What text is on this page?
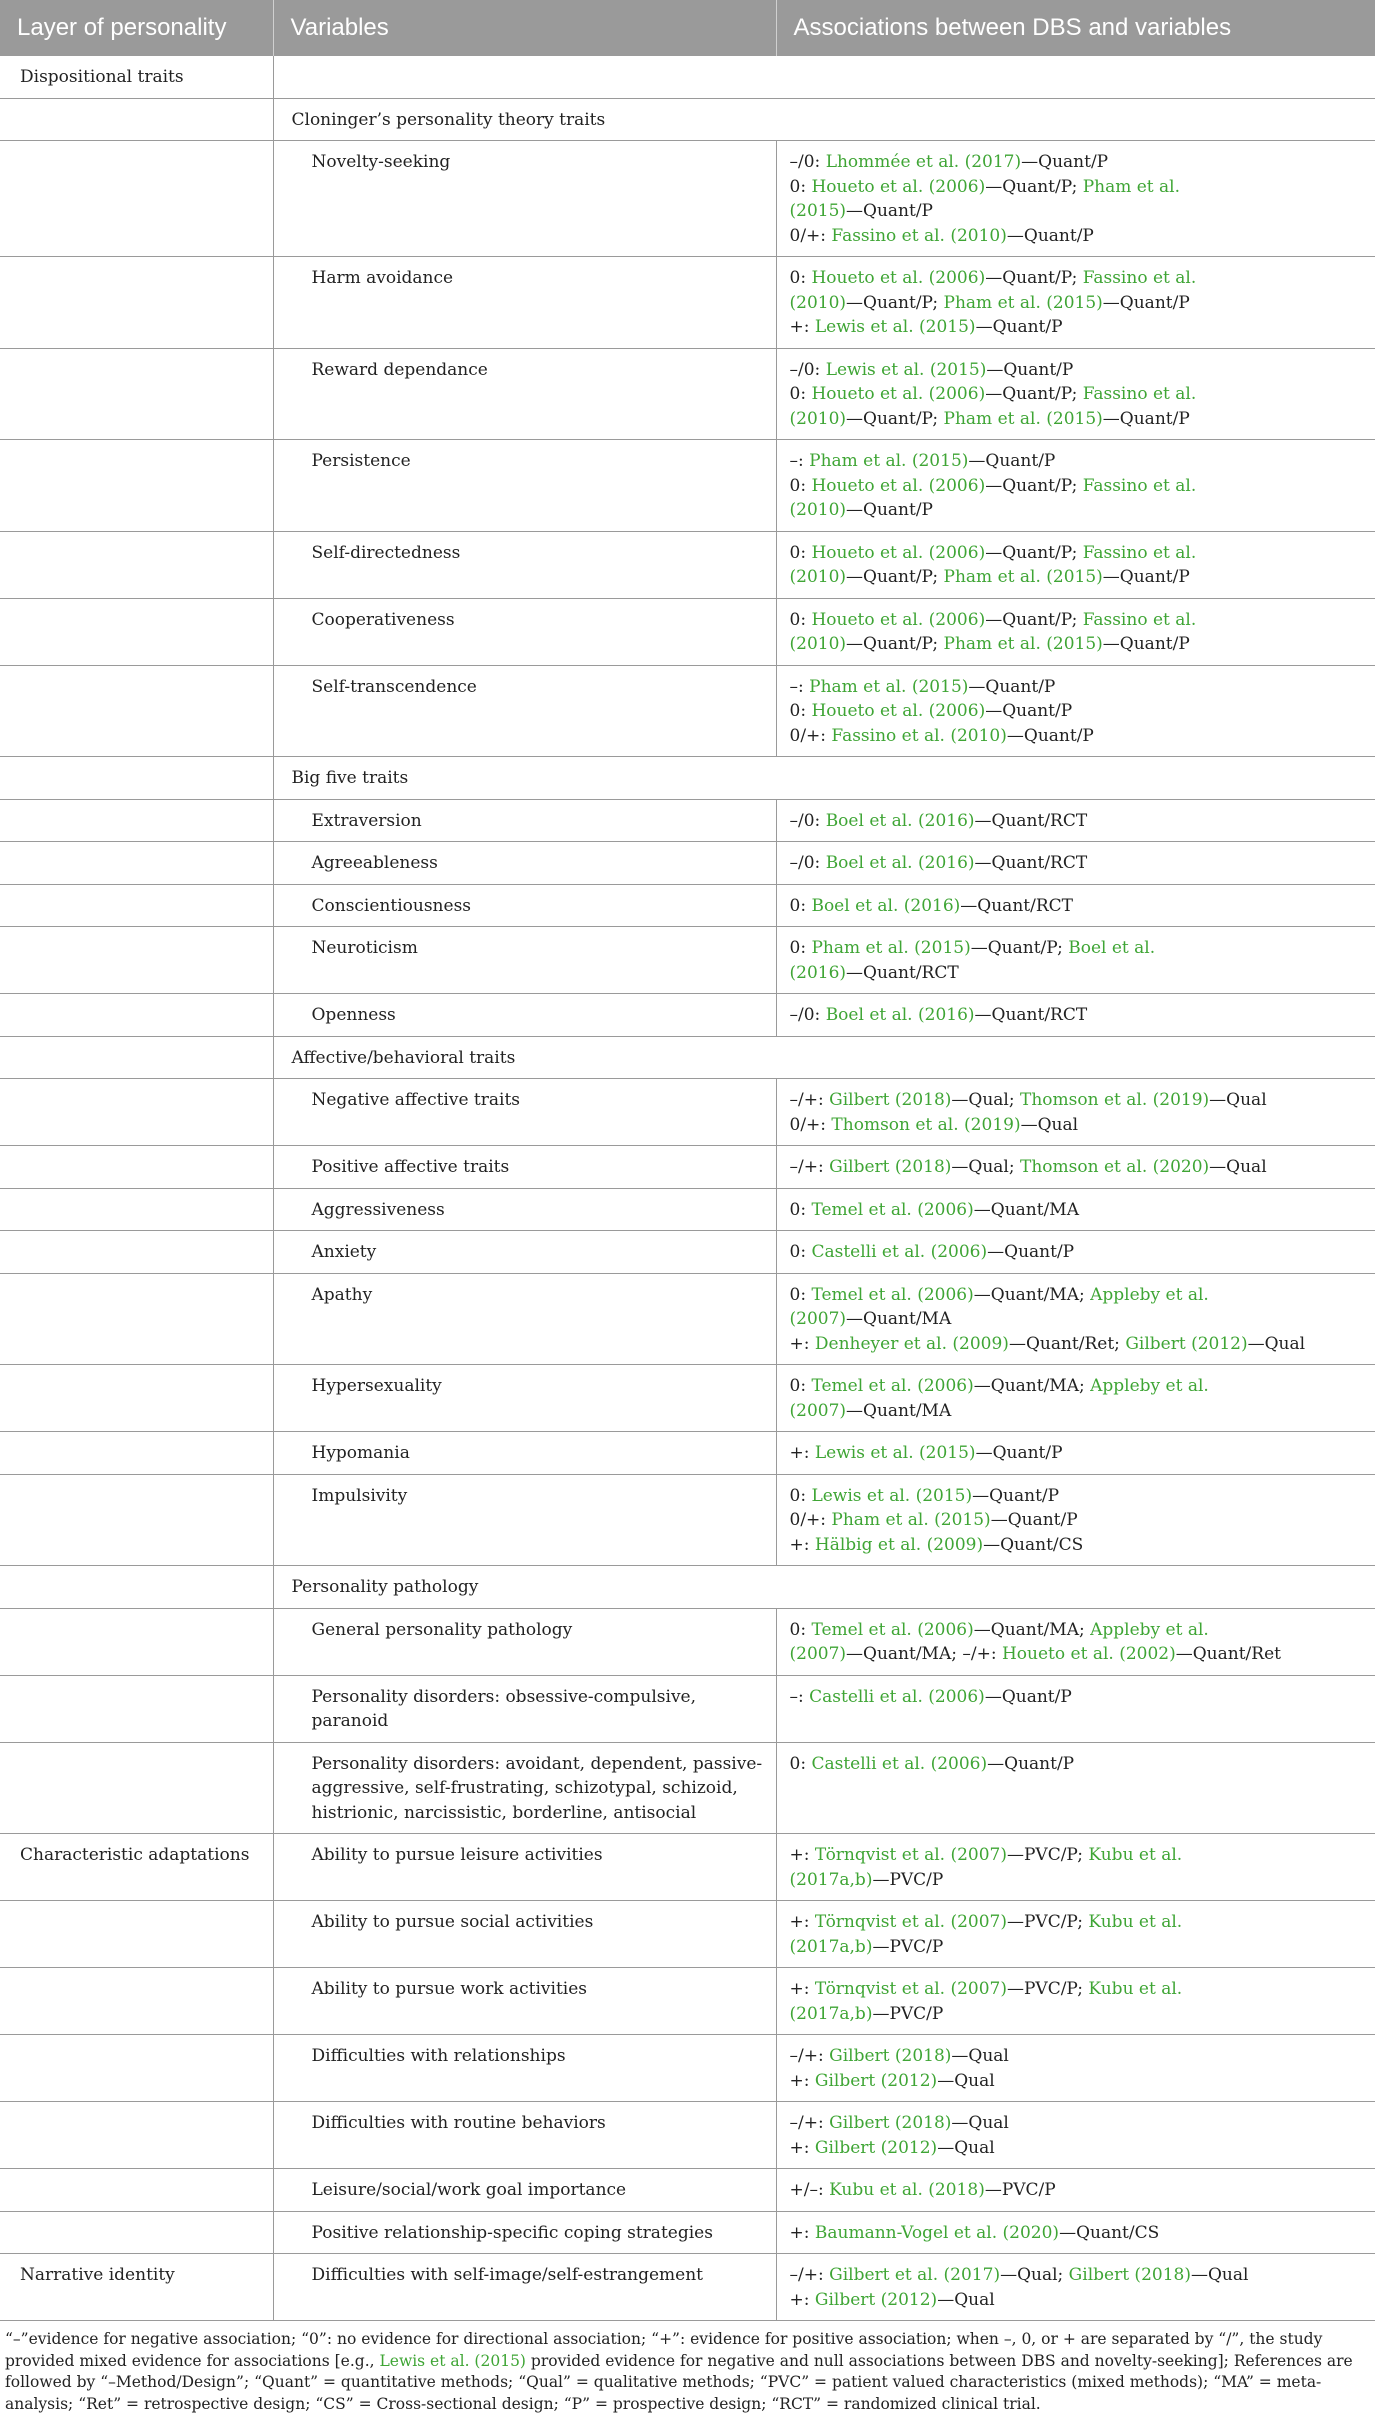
Layer of personality	Variables	Associations between DBS and variables
Dispositional traits		
	Cloninger’s personality theory traits	
	Novelty-seeking	–/0: Lhommée et al. (2017)—Quant/P
0: Houeto et al. (2006)—Quant/P; Pham et al.
(2015)—Quant/P
0/+: Fassino et al. (2010)—Quant/P

	Harm avoidance	0: Houeto et al. (2006)—Quant/P; Fassino et al.
(2010)—Quant/P; Pham et al. (2015)—Quant/P
+: Lewis et al. (2015)—Quant/P

	Reward dependance	–/0: Lewis et al. (2015)—Quant/P
0: Houeto et al. (2006)—Quant/P; Fassino et al.
(2010)—Quant/P; Pham et al. (2015)—Quant/P

	Persistence	–: Pham et al. (2015)—Quant/P
0: Houeto et al. (2006)—Quant/P; Fassino et al.
(2010)—Quant/P

	Self-directedness	0: Houeto et al. (2006)—Quant/P; Fassino et al.
(2010)—Quant/P; Pham et al. (2015)—Quant/P

	Cooperativeness	0: Houeto et al. (2006)—Quant/P; Fassino et al.
(2010)—Quant/P; Pham et al. (2015)—Quant/P

	Self-transcendence	–: Pham et al. (2015)—Quant/P
0: Houeto et al. (2006)—Quant/P
0/+: Fassino et al. (2010)—Quant/P

	Big five traits	
	Extraversion	–/0: Boel et al. (2016)—Quant/RCT

	Agreeableness	–/0: Boel et al. (2016)—Quant/RCT

	Conscientiousness	0: Boel et al. (2016)—Quant/RCT

	Neuroticism	0: Pham et al. (2015)—Quant/P; Boel et al.
(2016)—Quant/RCT

	Openness	–/0: Boel et al. (2016)—Quant/RCT

	Affective/behavioral traits	
	Negative affective traits	–/+: Gilbert (2018)—Qual; Thomson et al. (2019)—Qual
0/+: Thomson et al. (2019)—Qual

	Positive affective traits	–/+: Gilbert (2018)—Qual; Thomson et al. (2020)—Qual

	Aggressiveness	0: Temel et al. (2006)—Quant/MA

	Anxiety	0: Castelli et al. (2006)—Quant/P

	Apathy	0: Temel et al. (2006)—Quant/MA; Appleby et al.
(2007)—Quant/MA
+: Denheyer et al. (2009)—Quant/Ret; Gilbert (2012)—Qual

	Hypersexuality	0: Temel et al. (2006)—Quant/MA; Appleby et al.
(2007)—Quant/MA

	Hypomania	+: Lewis et al. (2015)—Quant/P

	Impulsivity	0: Lewis et al. (2015)—Quant/P
0/+: Pham et al. (2015)—Quant/P
+: Hälbig et al. (2009)—Quant/CS

	Personality pathology	
	General personality pathology	0: Temel et al. (2006)—Quant/MA; Appleby et al.
(2007)—Quant/MA; –/+: Houeto et al. (2002)—Quant/Ret

	Personality disorders: obsessive-compulsive, paranoid	–: Castelli et al. (2006)—Quant/P

	Personality disorders: avoidant, dependent, passive-aggressive, self-frustrating, schizotypal, schizoid, histrionic, narcissistic, borderline, antisocial	0: Castelli et al. (2006)—Quant/P

Characteristic adaptations	Ability to pursue leisure activities	+: Törnqvist et al. (2007)—PVC/P; Kubu et al.
(2017a,b)—PVC/P

	Ability to pursue social activities	+: Törnqvist et al. (2007)—PVC/P; Kubu et al.
(2017a,b)—PVC/P

	Ability to pursue work activities	+: Törnqvist et al. (2007)—PVC/P; Kubu et al.
(2017a,b)—PVC/P

	Difficulties with relationships	–/+: Gilbert (2018)—Qual
+: Gilbert (2012)—Qual

	Difficulties with routine behaviors	–/+: Gilbert (2018)—Qual
+: Gilbert (2012)—Qual

	Leisure/social/work goal importance	+/–: Kubu et al. (2018)—PVC/P

	Positive relationship-specific coping strategies	+: Baumann-Vogel et al. (2020)—Quant/CS

Narrative identity	Difficulties with self-image/self-estrangement	–/+: Gilbert et al. (2017)—Qual; Gilbert (2018)—Qual
+: Gilbert (2012)—Qual
“–”evidence for negative association; “0”: no evidence for directional association; “+”: evidence for positive association; when –, 0, or + are separated by “/”, the study provided mixed evidence for associations [e.g., Lewis et al. (2015) provided evidence for negative and null associations between DBS and novelty-seeking]; References are followed by “–Method/Design”; “Quant” = quantitative methods; “Qual” = qualitative methods; “PVC” = patient valued characteristics (mixed methods); “MA” = meta-analysis; “Ret” = retrospective design; “CS” = Cross-sectional design; “P” = prospective design; “RCT” = randomized clinical trial.
